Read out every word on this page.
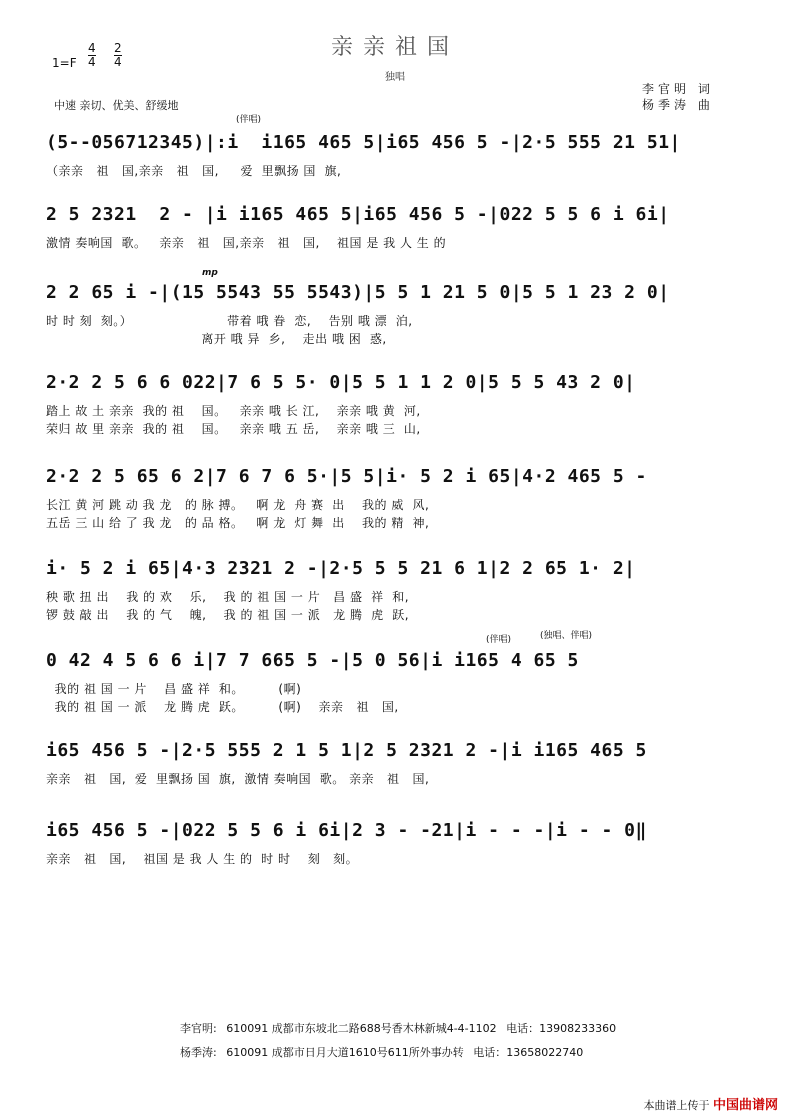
亲亲祖国
独唱
1=F
4
4
2
4
李官明 词
杨季涛 曲
中速 亲切、优美、舒缓地
(伴唱)
(5--056712345)|:i  i165 465 5|i65 456 5 -|2·5 555 21 51|
（亲亲   祖   国,亲亲   祖   国,     爱  里飘扬 国  旗,
2 5 2321  2 - |i i165 465 5|i65 456 5 -|022 5 5 6 i 6i|
激情 奏响国  歌。   亲亲   祖   国,亲亲   祖   国,    祖国 是 我 人 生 的
mp
2 2 65 i -|(15 5543 55 5543)|5 5 1 21 5 0|5 5 1 23 2 0|
时 时 刻  刻。）                      带着 哦 眷  恋,    告别 哦 漂  泊,
离开 哦 异  乡,    走出 哦 困  惑,
2·2 2 5 6 6 022|7 6 5 5· 0|5 5 1 1 2 0|5 5 5 43 2 0|
踏上 故 土 亲亲  我的 祖    国。   亲亲 哦 长 江,    亲亲 哦 黄  河,
荣归 故 里 亲亲  我的 祖    国。   亲亲 哦 五 岳,    亲亲 哦 三  山,
2·2 2 5 65 6 2|7 6 7 6 5·|5 5|i· 5 2 i 65|4·2 465 5 -
长江 黄 河 跳 动 我 龙   的 脉 搏。   啊 龙  舟 赛  出    我的 威  风,
五岳 三 山 给 了 我 龙   的 品 格。   啊 龙  灯 舞  出    我的 精  神,
i· 5 2 i 65|4·3 2321 2 -|2·5 5 5 21 6 1|2 2 65 1· 2|
秧 歌 扭 出    我 的 欢    乐,    我 的 祖 国 一 片   昌 盛  祥  和,
锣 鼓 敲 出    我 的 气    魄,    我 的 祖 国 一 派   龙 腾  虎  跃,
(伴唱)	(独唱、伴唱)
0 42 4 5 6 6 i|7 7 665 5 -|5 0 56|i i165 4 65 5
我的 祖 国 一 片    昌 盛 祥  和。        (啊)
我的 祖 国 一 派    龙 腾 虎  跃。        (啊)    亲亲   祖   国,
i65 456 5 -|2·5 555 2 1 5 1|2 5 2321 2 -|i i165 465 5
亲亲   祖   国,  爱  里飘扬 国  旗,  激情 奏响国  歌。 亲亲   祖   国,
i65 456 5 -|022 5 5 6 i 6i|2 3 - -21|i - - -|i - - 0‖
亲亲   祖   国,    祖国 是 我 人 生 的  时 时    刻   刻。
李官明: 610091 成都市东坡北二路688号香木林新城4-4-1102 电话：13908233360
杨季涛: 610091 成都市日月大道1610号611所外事办转 电话：13658022740
本曲谱上传于 中国曲谱网
